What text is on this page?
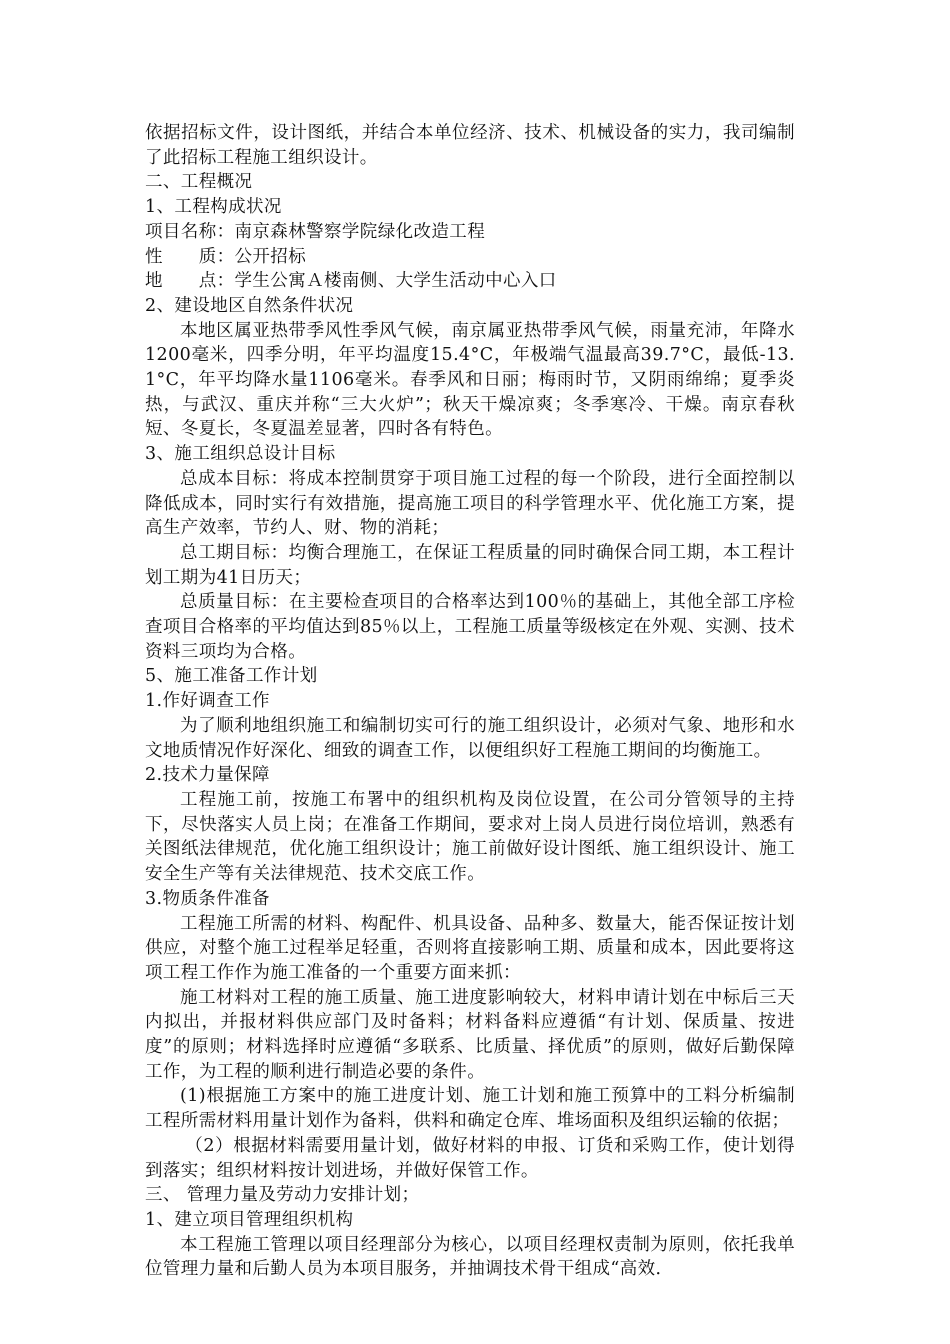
依据招标文件，设计图纸，并结合本单位经济、技术、机械设备的实力，我司编制了此招标工程施工组织设计。

二、工程概况

1、工程构成状况

项目名称：南京森林警察学院绿化改造工程

性　　质：公开招标

地　　点：学生公寓Ａ楼南侧、大学生活动中心入口

2、建设地区自然条件状况

本地区属亚热带季风性季风气候，南京属亚热带季风气候，雨量充沛，年降水1200毫米，四季分明，年平均温度15.4°C，年极端气温最高39.7°C，最低-13.1°C，年平均降水量1106毫米。春季风和日丽；梅雨时节，又阴雨绵绵；夏季炎热，与武汉、重庆并称“三大火炉”；秋天干燥凉爽；冬季寒冷、干燥。南京春秋短、冬夏长，冬夏温差显著，四时各有特色。

3、施工组织总设计目标

总成本目标：将成本控制贯穿于项目施工过程的每一个阶段，进行全面控制以降低成本，同时实行有效措施，提高施工项目的科学管理水平、优化施工方案，提高生产效率，节约人、财、物的消耗；

总工期目标：均衡合理施工，在保证工程质量的同时确保合同工期，本工程计划工期为41日历天；

总质量目标：在主要检查项目的合格率达到100％的基础上，其他全部工序检查项目合格率的平均值达到85％以上，工程施工质量等级核定在外观、实测、技术资料三项均为合格。

5、施工准备工作计划

1.作好调查工作

为了顺利地组织施工和编制切实可行的施工组织设计，必须对气象、地形和水文地质情况作好深化、细致的调查工作，以便组织好工程施工期间的均衡施工。

2.技术力量保障

工程施工前，按施工布署中的组织机构及岗位设置，在公司分管领导的主持下，尽快落实人员上岗；在准备工作期间，要求对上岗人员进行岗位培训，熟悉有关图纸法律规范，优化施工组织设计；施工前做好设计图纸、施工组织设计、施工安全生产等有关法律规范、技术交底工作。

3.物质条件准备

工程施工所需的材料、构配件、机具设备、品种多、数量大，能否保证按计划供应，对整个施工过程举足轻重，否则将直接影响工期、质量和成本，因此要将这项工程工作作为施工准备的一个重要方面来抓：

施工材料对工程的施工质量、施工进度影响较大，材料申请计划在中标后三天内拟出，并报材料供应部门及时备料；材料备料应遵循“有计划、保质量、按进度”的原则；材料选择时应遵循“多联系、比质量、择优质”的原则，做好后勤保障工作，为工程的顺利进行制造必要的条件。

(1)根据施工方案中的施工进度计划、施工计划和施工预算中的工料分析编制工程所需材料用量计划作为备料，供料和确定仓库、堆场面积及组织运输的依据；

（2）根据材料需要用量计划，做好材料的申报、订货和采购工作，使计划得到落实；组织材料按计划进场，并做好保管工作。

三、 管理力量及劳动力安排计划；

1、建立项目管理组织机构

本工程施工管理以项目经理部分为核心，以项目经理权责制为原则，依托我单位管理力量和后勤人员为本项目服务，并抽调技术骨干组成“高效．
